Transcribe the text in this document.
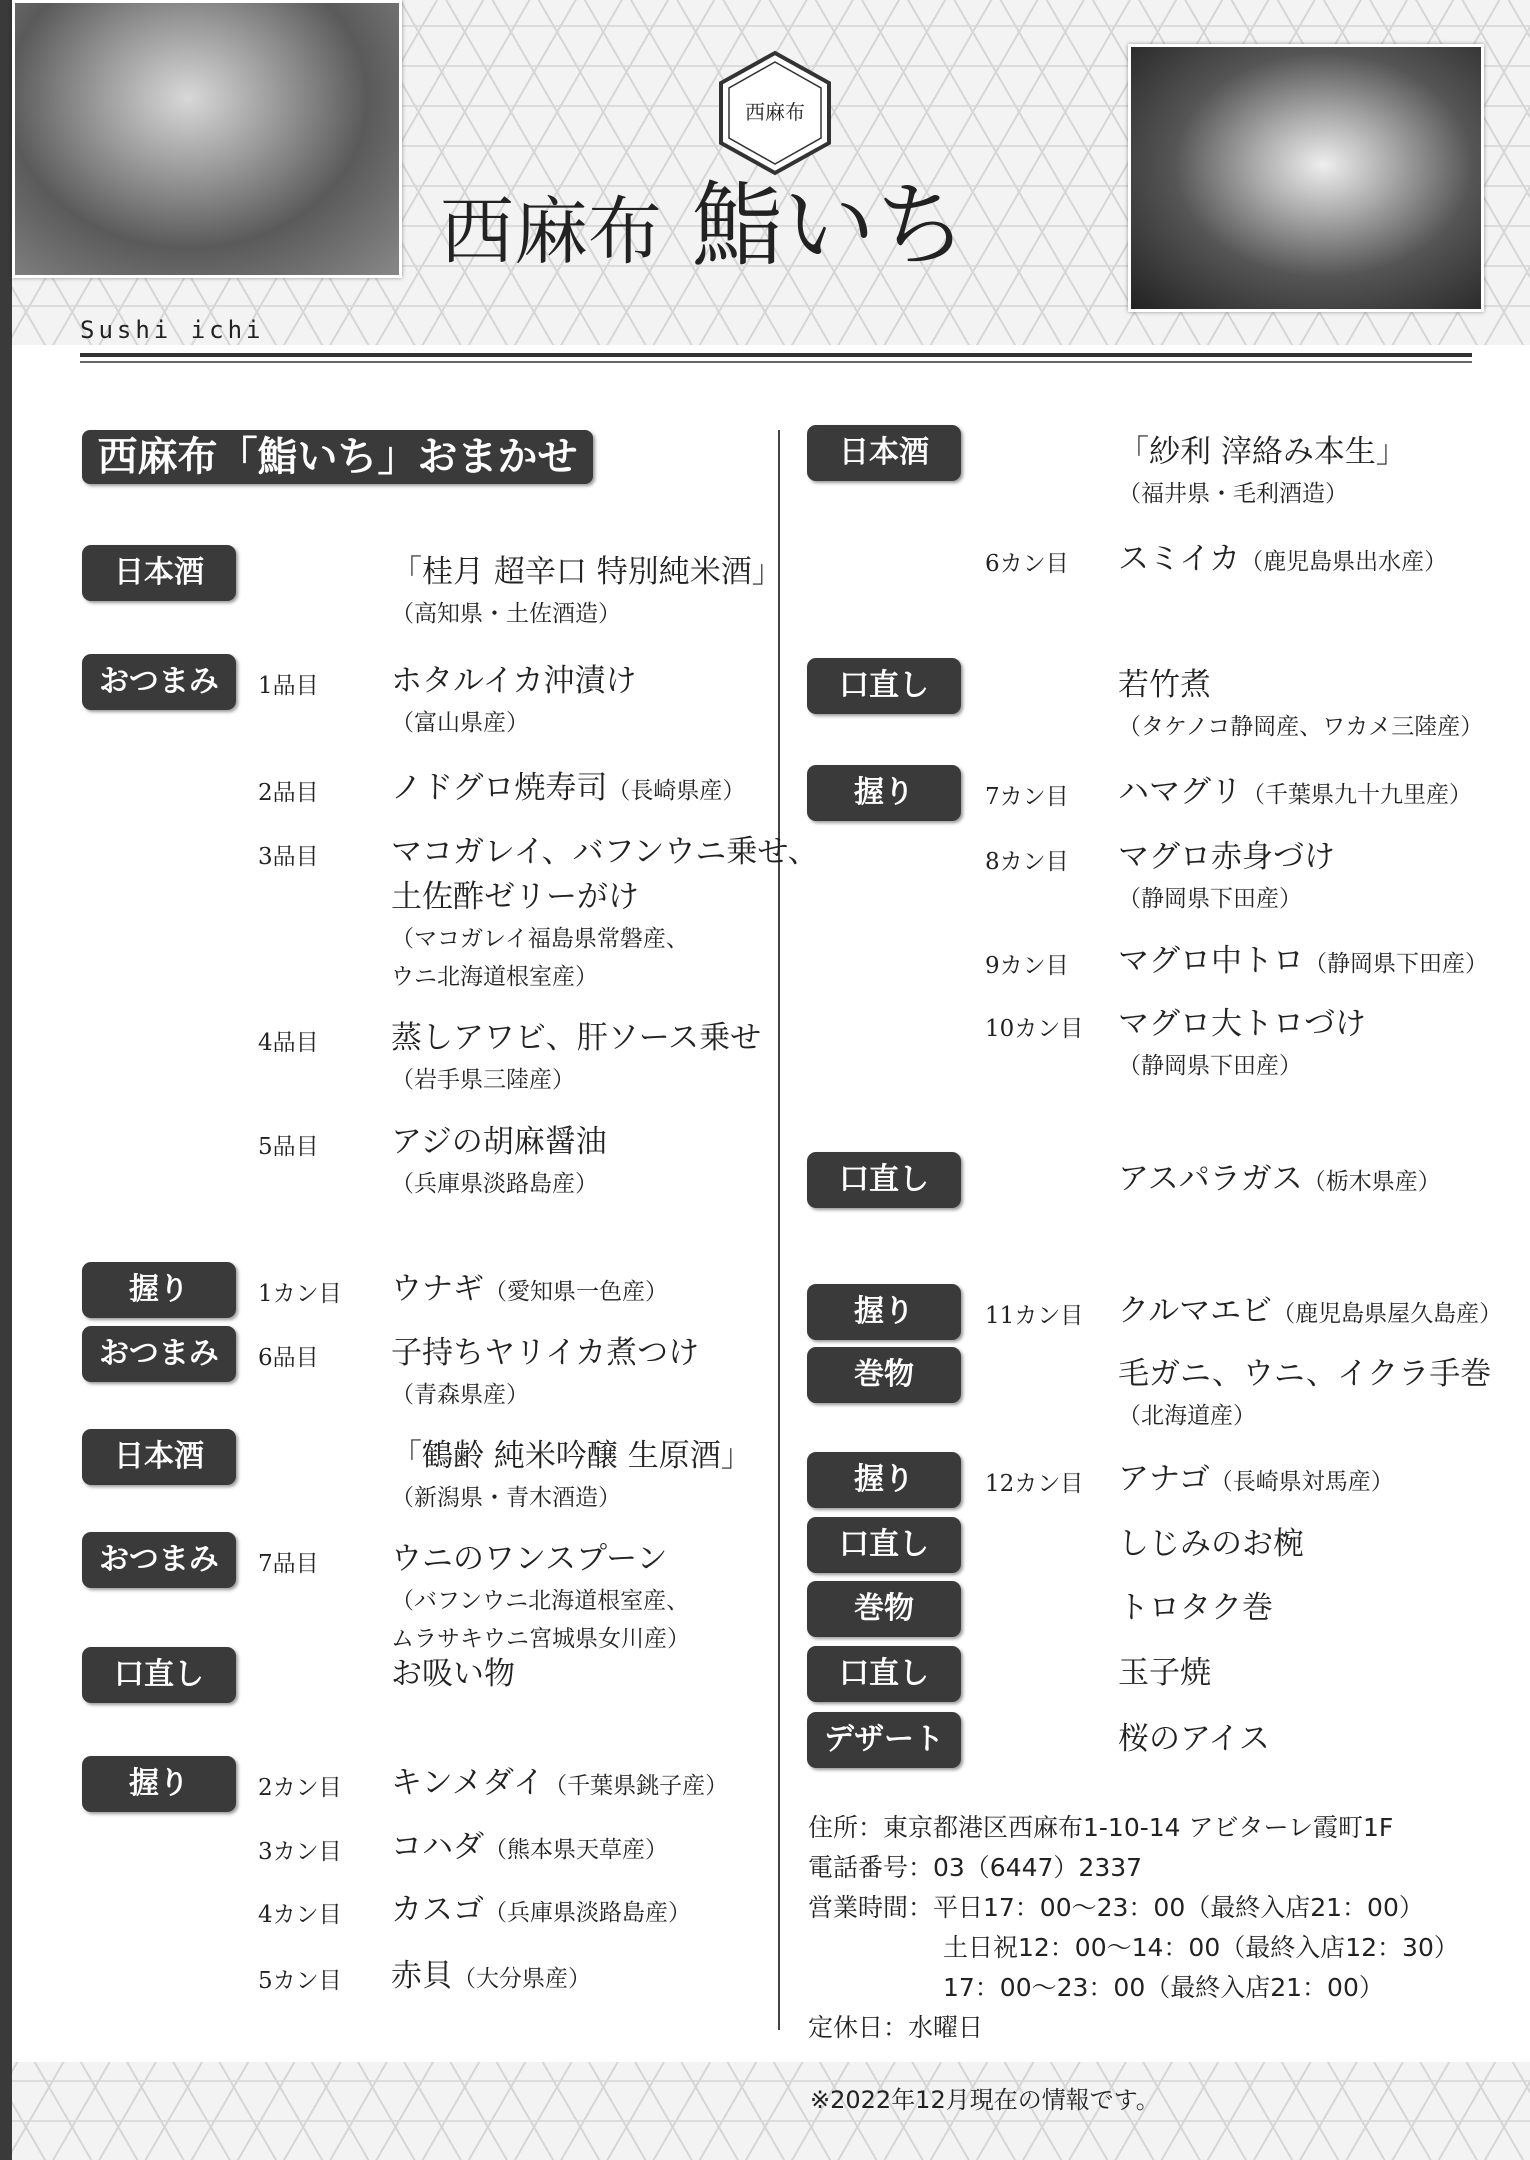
西麻布
西麻布 鮨いち
Sushi ichi
西麻布「鮨いち」おまかせ
日本酒	「桂月 超辛口 特別純米酒」
（高知県・土佐酒造）
おつまみ	1品目 ホタルイカ沖漬け
（富山県産）
2品目 ノドグロ焼寿司（長崎県産）
3品目 マコガレイ、バフンウニ乗せ、
土佐酢ゼリーがけ
（マコガレイ福島県常磐産、
ウニ北海道根室産）
4品目 蒸しアワビ、肝ソース乗せ
（岩手県三陸産）
5品目 アジの胡麻醤油
（兵庫県淡路島産）
握り	1カン目 ウナギ（愛知県一色産）
おつまみ	6品目 子持ちヤリイカ煮つけ
（青森県産）
日本酒	「鶴齢 純米吟醸 生原酒」
（新潟県・青木酒造）
おつまみ	7品目 ウニのワンスプーン
（バフンウニ北海道根室産、
ムラサキウニ宮城県女川産）
口直し	お吸い物
握り	2カン目 キンメダイ（千葉県銚子産）
3カン目 コハダ（熊本県天草産）
4カン目 カスゴ（兵庫県淡路島産）
5カン目 赤貝（大分県産）
日本酒	「紗利 滓絡み本生」
（福井県・毛利酒造）
6カン目 スミイカ（鹿児島県出水産）
口直し	若竹煮
（タケノコ静岡産、ワカメ三陸産）
握り	7カン目 ハマグリ（千葉県九十九里産）
8カン目 マグロ赤身づけ
（静岡県下田産）
9カン目 マグロ中トロ（静岡県下田産）
10カン目 マグロ大トロづけ
（静岡県下田産）
口直し	アスパラガス（栃木県産）
握り	11カン目 クルマエビ（鹿児島県屋久島産）
巻物	毛ガニ、ウニ、イクラ手巻
（北海道産）
握り	12カン目 アナゴ（長崎県対馬産）
口直し	しじみのお椀
巻物	トロタク巻
口直し	玉子焼
デザート	桜のアイス
住所：東京都港区西麻布1-10-14 アビターレ霞町1F
電話番号：03（6447）2337
営業時間：平日17：00～23：00（最終入店21：00）
土日祝12：00～14：00（最終入店12：30）
17：00～23：00（最終入店21：00）
定休日：水曜日
※2022年12月現在の情報です。
